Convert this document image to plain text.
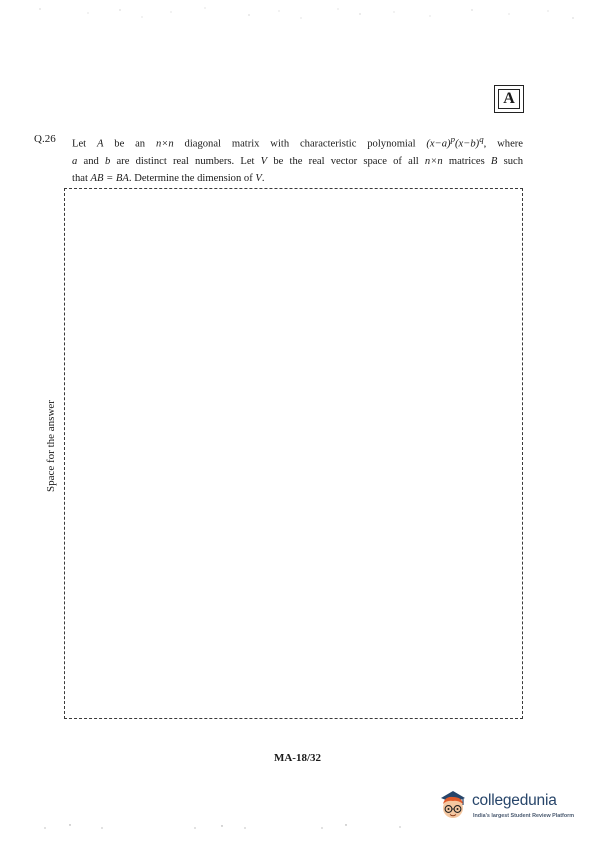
A
Q.26 Let A be an n×n diagonal matrix with characteristic polynomial $(x-a)^p(x-b)^q$, where
a and b are distinct real numbers. Let V be the real vector space of all n×n matrices B such
that AB = BA. Determine the dimension of V.

Space for the answer
MA-18/32
collegedunia
India's largest Student Review Platform
